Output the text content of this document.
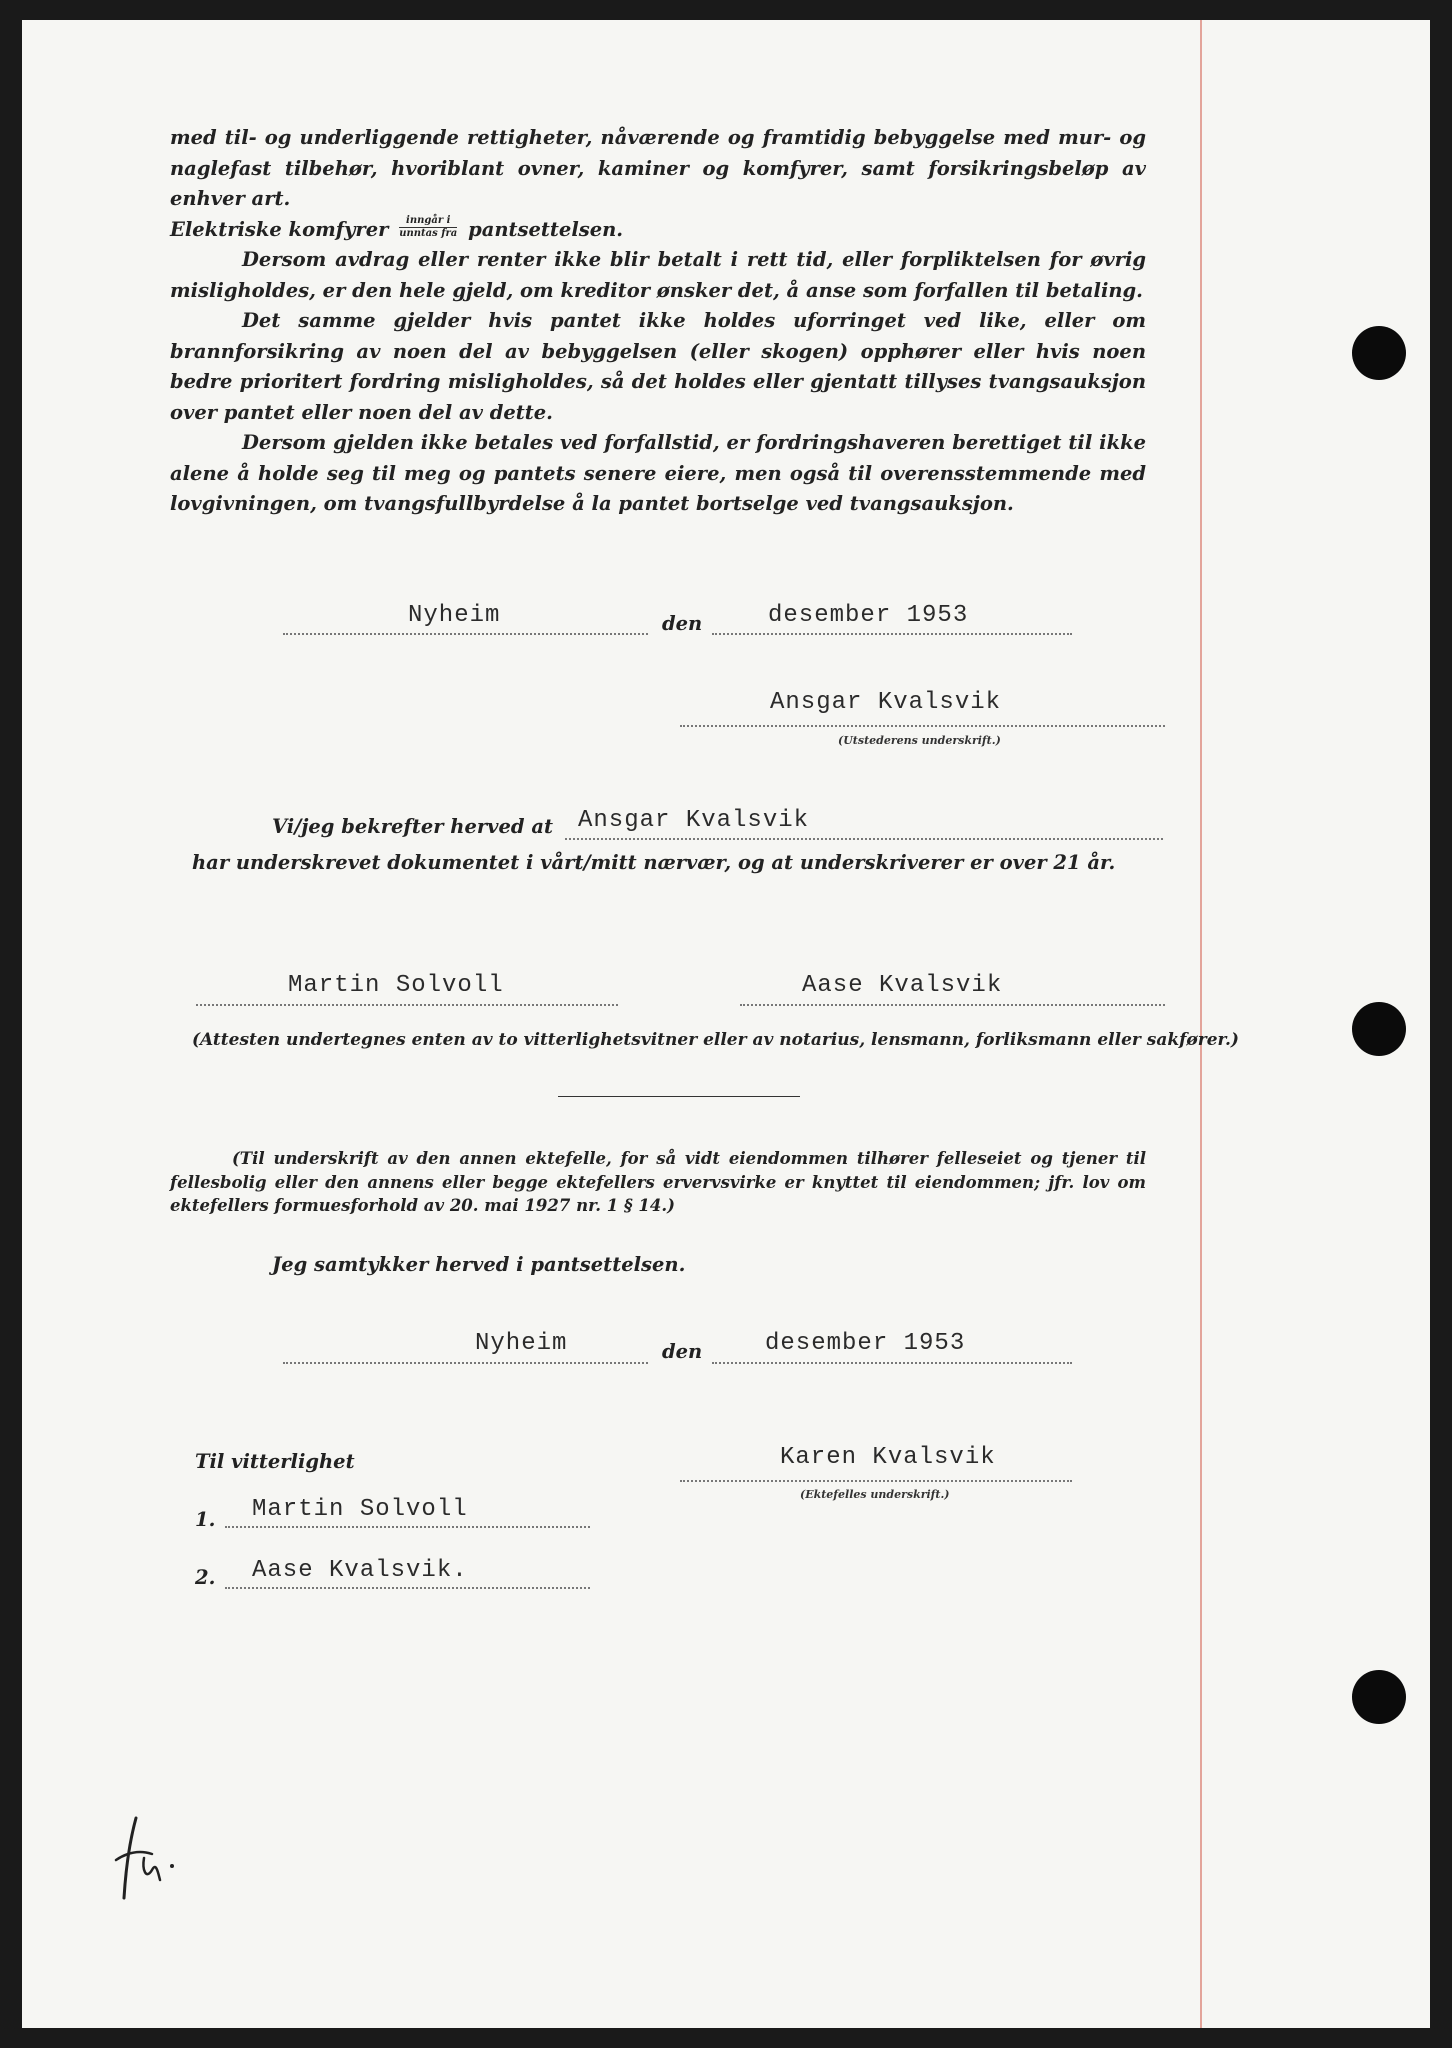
med til- og underliggende rettigheter, nåværende og framtidig bebyggelse med mur- og naglefast tilbehør, hvoriblant ovner, kaminer og komfyrer, samt forsikringsbeløp av enhver art.

Elektriske komfyrer $\frac{\text{inngår i}}{\text{unntas fra}}$ pantsettelsen.

Dersom avdrag eller renter ikke blir betalt i rett tid, eller forpliktelsen for øvrig misligholdes, er den hele gjeld, om kreditor ønsker det, å anse som forfallen til betaling.

Det samme gjelder hvis pantet ikke holdes uforringet ved like, eller om brannforsikring av noen del av bebyggelsen (eller skogen) opphører eller hvis noen bedre prioritert fordring misligholdes, så det holdes eller gjentatt tillyses tvangsauksjon over pantet eller noen del av dette.

Dersom gjelden ikke betales ved forfallstid, er fordringshaveren berettiget til ikke alene å holde seg til meg og pantets senere eiere, men også til overensstemmende med lovgivningen, om tvangsfullbyrdelse å la pantet bortselge ved tvangsauksjon.

Nyheim	den	desember 1953
Ansgar Kvalsvik
(Utstederens underskrift.)
Vi/jeg bekrefter herved at Ansgar Kvalsvik
har underskrevet dokumentet i vårt/mitt nærvær, og at underskriverer er over 21 år.
Martin Solvoll	Aase Kvalsvik
(Attesten undertegnes enten av to vitterlighetsvitner eller av notarius, lensmann, forliksmann eller sakfører.)

(Til underskrift av den annen ektefelle, for så vidt eiendommen tilhører felleseiet og tjener til fellesbolig eller den annens eller begge ektefellers ervervsvirke er knyttet til eiendommen; jfr. lov om ektefellers formuesforhold av 20. mai 1927 nr. 1 § 14.)

Jeg samtykker herved i pantsettelsen.
Nyheim	den	desember 1953
Til vitterlighet	Karen Kvalsvik
(Ektefelles underskrift.)
1. Martin Solvoll
2. Aase Kvalsvik.
